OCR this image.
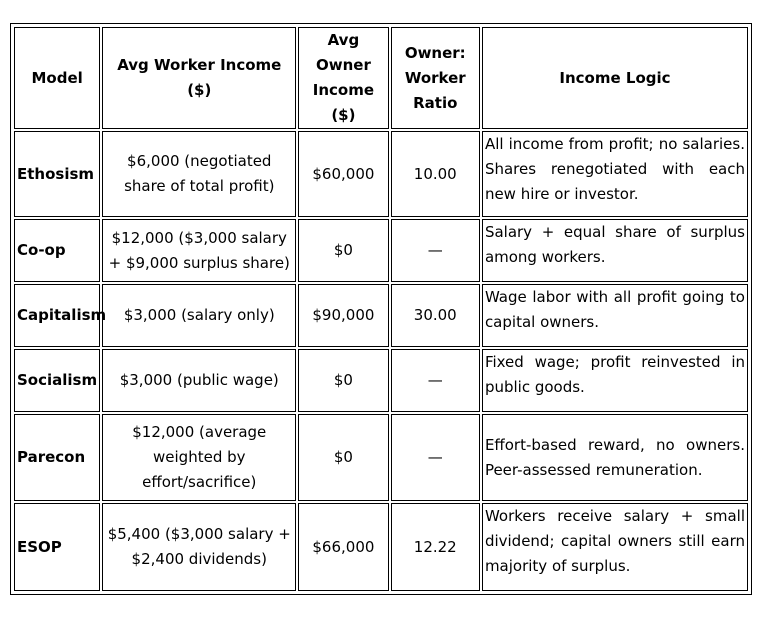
Model	Avg Worker Income ($)	Avg Owner Income ($)	Owner: Worker Ratio	Income Logic
Ethosism	$6,000 (negotiated share of total profit)	$60,000	10.00	All income from profit; no salaries. Shares renegotiated with each new hire or investor.
Co-op	$12,000 ($3,000 salary + $9,000 surplus share)	$0	—	Salary + equal share of surplus among workers.
Capitalism	$3,000 (salary only)	$90,000	30.00	Wage labor with all profit going to capital owners.
Socialism	$3,000 (public wage)	$0	—	Fixed wage; profit reinvested in public goods.
Parecon	$12,000 (average weighted by effort/sacrifice)	$0	—	Effort-based reward, no owners. Peer-assessed remuneration.
ESOP	$5,400 ($3,000 salary + $2,400 dividends)	$66,000	12.22	Workers receive salary + small dividend; capital owners still earn majority of surplus.
